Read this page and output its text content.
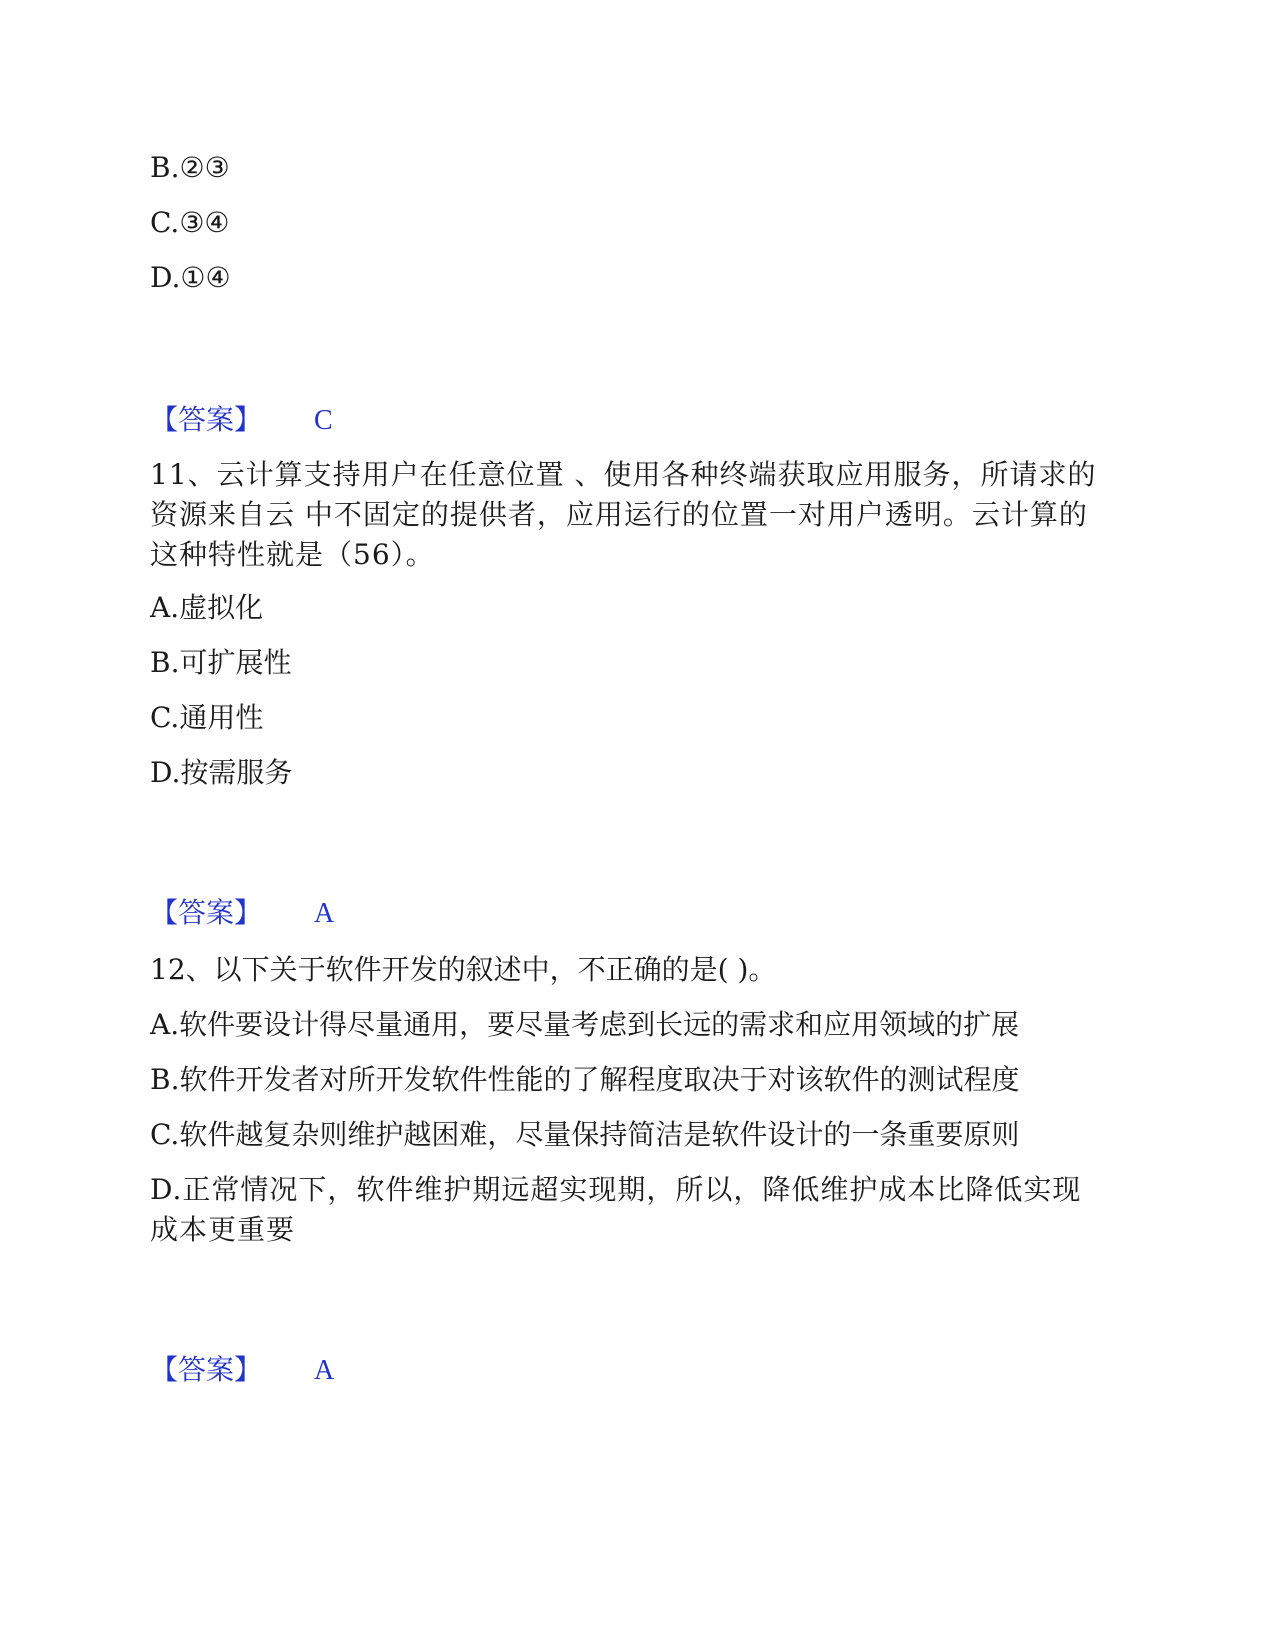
B.②③
C.③④
D.①④
【答案】 C
11、云计算支持用户在任意位置 、使用各种终端获取应用服务，所请求的资源来自云 中不固定的提供者，应用运行的位置一对用户透明。云计算的这种特性就是（56）。
A.虚拟化
B.可扩展性
C.通用性
D.按需服务
【答案】 A
12、以下关于软件开发的叙述中，不正确的是( )。
A.软件要设计得尽量通用，要尽量考虑到长远的需求和应用领域的扩展
B.软件开发者对所开发软件性能的了解程度取决于对该软件的测试程度
C.软件越复杂则维护越困难，尽量保持简洁是软件设计的一条重要原则
D.正常情况下，软件维护期远超实现期，所以，降低维护成本比降低实现成本更重要
【答案】 A
